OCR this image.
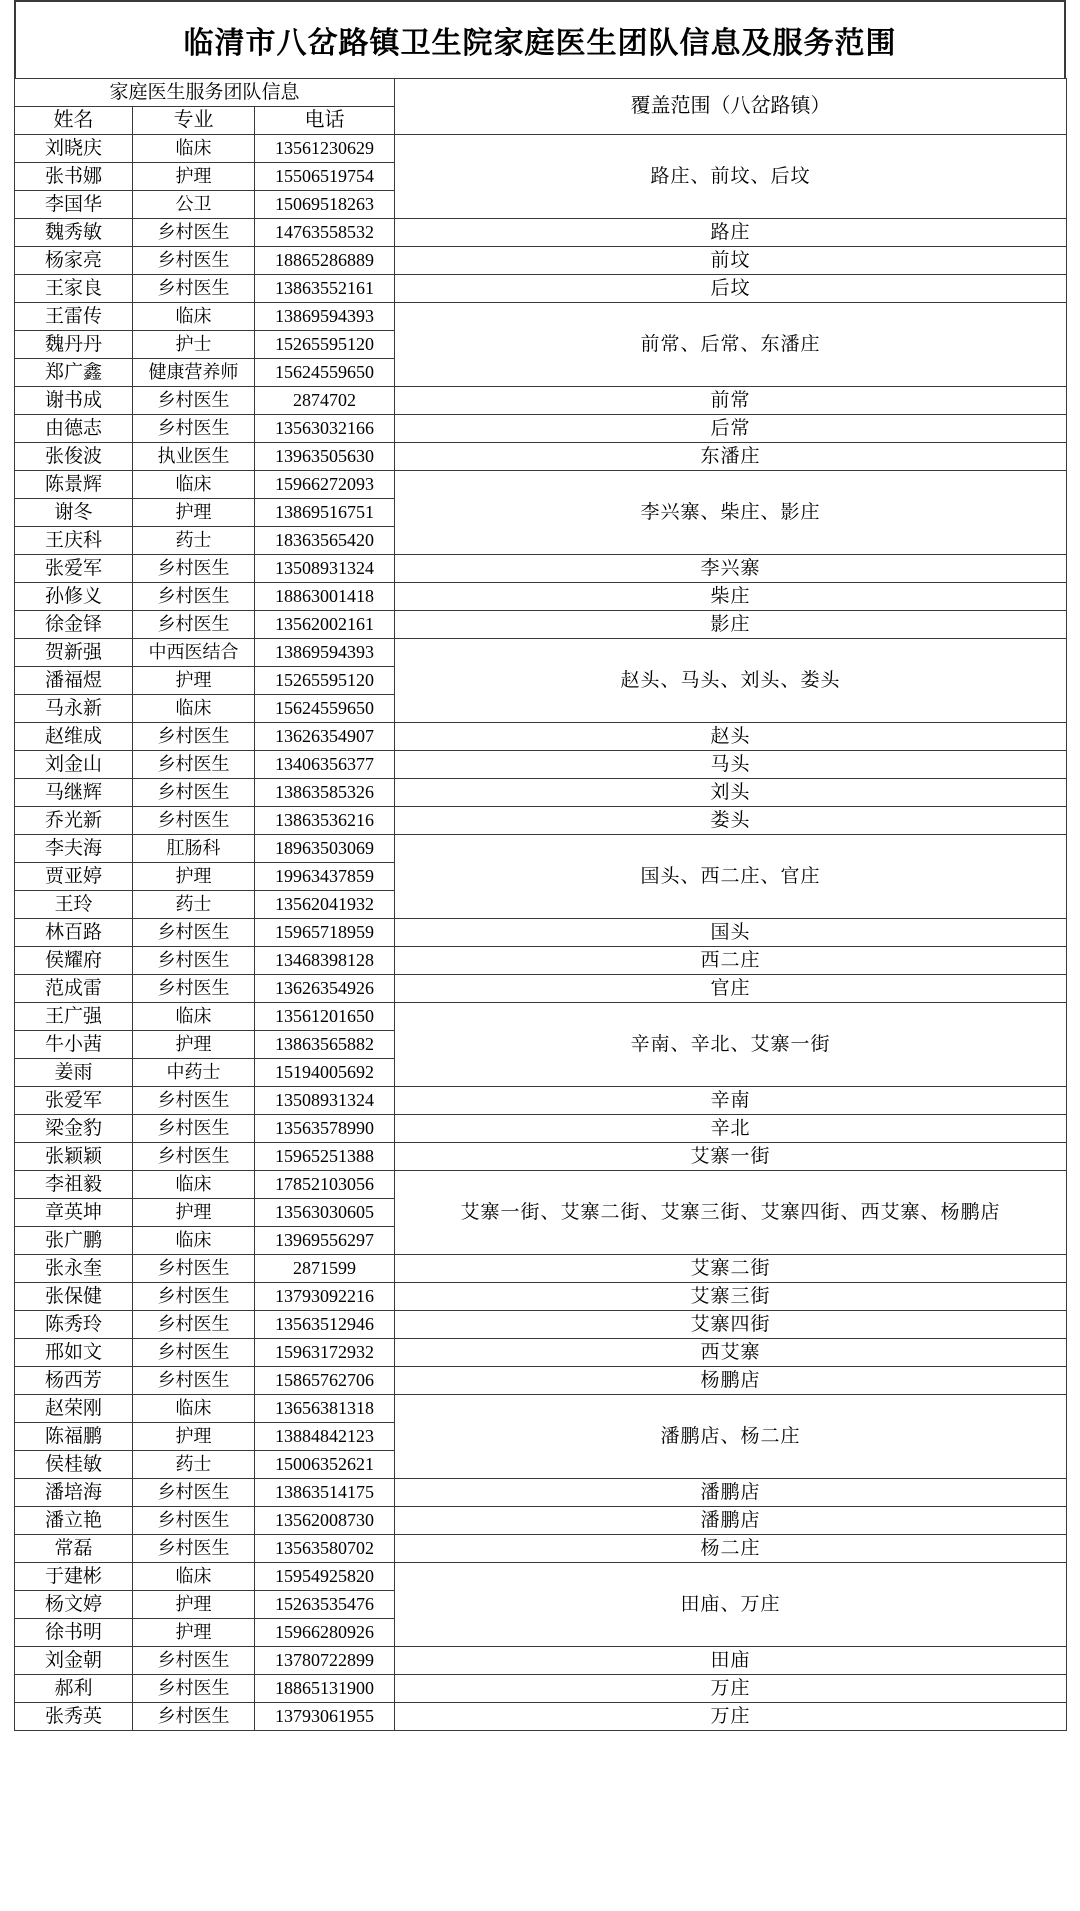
临清市八岔路镇卫生院家庭医生团队信息及服务范围
家庭医生服务团队信息			覆盖范围（八岔路镇）
姓名	专业	电话	
刘晓庆	临床	13561230629	路庄、前坟、后坟
张书娜	护理	15506519754	
李国华	公卫	15069518263	
魏秀敏	乡村医生	14763558532	路庄
杨家亮	乡村医生	18865286889	前坟
王家良	乡村医生	13863552161	后坟
王雷传	临床	13869594393	前常、后常、东潘庄
魏丹丹	护士	15265595120	
郑广鑫	健康营养师	15624559650	
谢书成	乡村医生	2874702	前常
由德志	乡村医生	13563032166	后常
张俊波	执业医生	13963505630	东潘庄
陈景辉	临床	15966272093	李兴寨、柴庄、影庄
谢冬	护理	13869516751	
王庆科	药士	18363565420	
张爱军	乡村医生	13508931324	李兴寨
孙修义	乡村医生	18863001418	柴庄
徐金铎	乡村医生	13562002161	影庄
贺新强	中西医结合	13869594393	赵头、马头、刘头、娄头
潘福煜	护理	15265595120	
马永新	临床	15624559650	
赵维成	乡村医生	13626354907	赵头
刘金山	乡村医生	13406356377	马头
马继辉	乡村医生	13863585326	刘头
乔光新	乡村医生	13863536216	娄头
李夫海	肛肠科	18963503069	国头、西二庄、官庄
贾亚婷	护理	19963437859	
王玲	药士	13562041932	
林百路	乡村医生	15965718959	国头
侯耀府	乡村医生	13468398128	西二庄
范成雷	乡村医生	13626354926	官庄
王广强	临床	13561201650	辛南、辛北、艾寨一街
牛小茜	护理	13863565882	
姜雨	中药士	15194005692	
张爱军	乡村医生	13508931324	辛南
梁金豹	乡村医生	13563578990	辛北
张颖颖	乡村医生	15965251388	艾寨一街
李祖毅	临床	17852103056	艾寨一街、艾寨二街、艾寨三街、艾寨四街、西艾寨、杨鹏店
章英坤	护理	13563030605	
张广鹏	临床	13969556297	
张永奎	乡村医生	2871599	艾寨二街
张保健	乡村医生	13793092216	艾寨三街
陈秀玲	乡村医生	13563512946	艾寨四街
邢如文	乡村医生	15963172932	西艾寨
杨西芳	乡村医生	15865762706	杨鹏店
赵荣刚	临床	13656381318	潘鹏店、杨二庄
陈福鹏	护理	13884842123	
侯桂敏	药士	15006352621	
潘培海	乡村医生	13863514175	潘鹏店
潘立艳	乡村医生	13562008730	潘鹏店
常磊	乡村医生	13563580702	杨二庄
于建彬	临床	15954925820	田庙、万庄
杨文婷	护理	15263535476	
徐书明	护理	15966280926	
刘金朝	乡村医生	13780722899	田庙
郝利	乡村医生	18865131900	万庄
张秀英	乡村医生	13793061955	万庄
